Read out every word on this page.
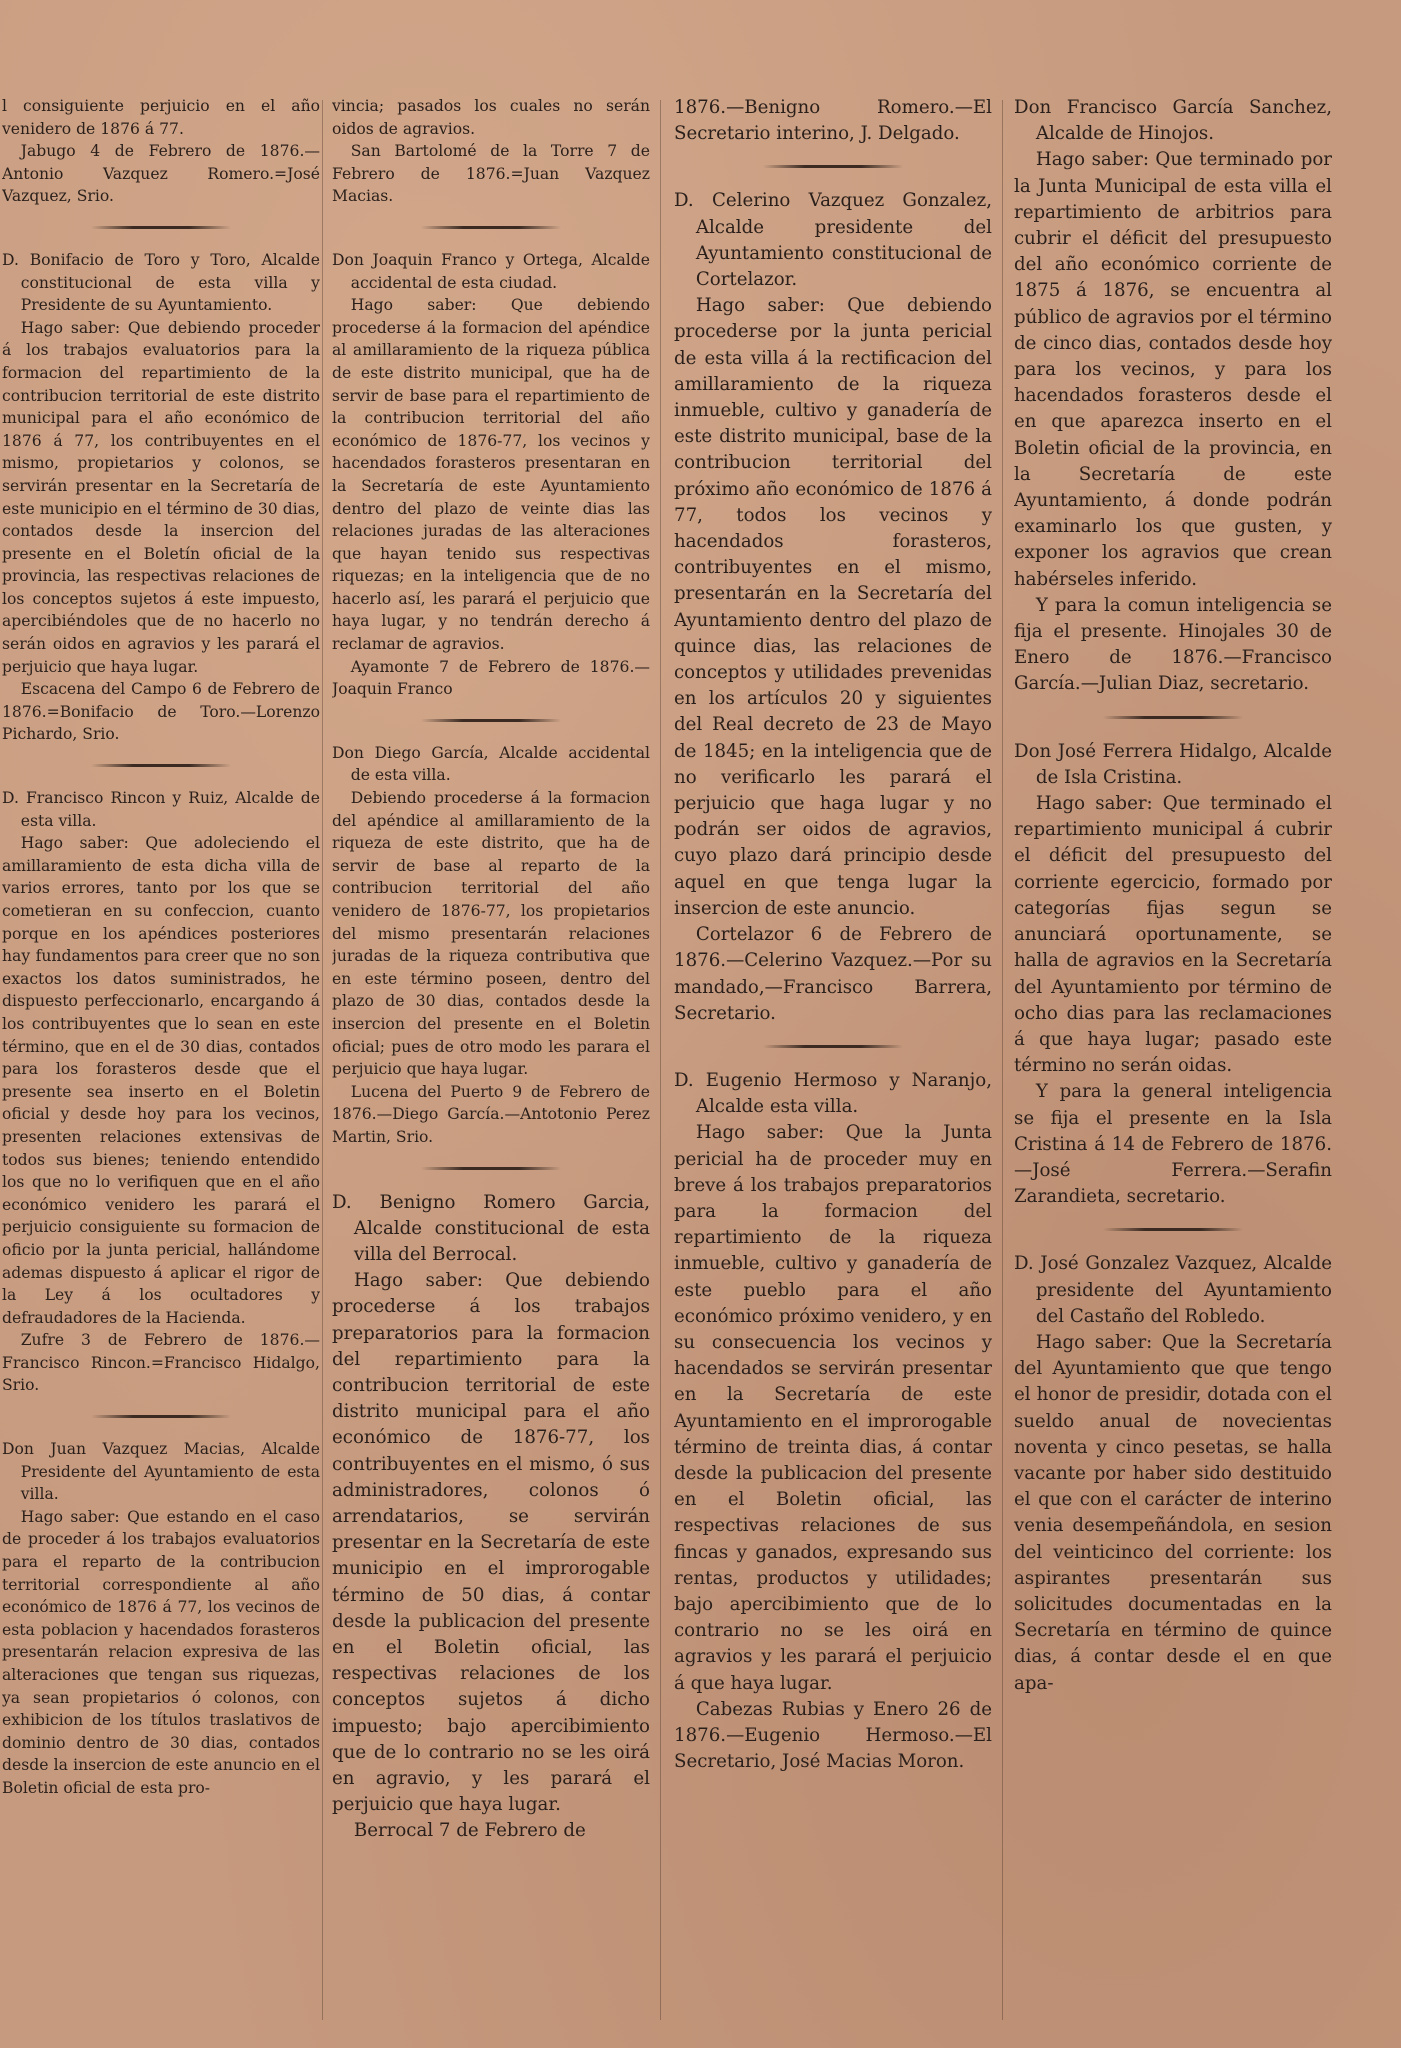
l consiguiente perjuicio en el año venidero de 1876 á 77.

Jabugo 4 de Febrero de 1876.—Antonio Vazquez Romero.=José Vazquez, Srio.

D. Bonifacio de Toro y Toro, Alcalde constitucional de esta villa y Presidente de su Ayuntamiento.

Hago saber: Que debiendo proceder á los trabajos evaluatorios para la formacion del repartimiento de la contribucion territorial de este distrito municipal para el año económico de 1876 á 77, los contribuyentes en el mismo, propietarios y colonos, se servirán presentar en la Secretaría de este municipio en el término de 30 dias, contados desde la insercion del presente en el Boletín oficial de la provincia, las respectivas relaciones de los conceptos sujetos á este impuesto, apercibiéndoles que de no hacerlo no serán oidos en agravios y les parará el perjuicio que haya lugar.

Escacena del Campo 6 de Febrero de 1876.=Bonifacio de Toro.—Lorenzo Pichardo, Srio.

D. Francisco Rincon y Ruiz, Alcalde de esta villa.

Hago saber: Que adoleciendo el amillaramiento de esta dicha villa de varios errores, tanto por los que se cometieran en su confeccion, cuanto porque en los apéndices posteriores hay fundamentos para creer que no son exactos los datos suministrados, he dispuesto perfeccionarlo, encargando á los contribuyentes que lo sean en este término, que en el de 30 dias, contados para los forasteros desde que el presente sea inserto en el Boletin oficial y desde hoy para los vecinos, presenten relaciones extensivas de todos sus bienes; teniendo entendido los que no lo verifiquen que en el año económico venidero les parará el perjuicio consiguiente su formacion de oficio por la junta pericial, hallándome ademas dispuesto á aplicar el rigor de la Ley á los ocultadores y defraudadores de la Hacienda.

Zufre 3 de Febrero de 1876.—Francisco Rincon.=Francisco Hidalgo, Srio.

Don Juan Vazquez Macias, Alcalde Presidente del Ayuntamiento de esta villa.

Hago saber: Que estando en el caso de proceder á los trabajos evaluatorios para el reparto de la contribucion territorial correspondiente al año económico de 1876 á 77, los vecinos de esta poblacion y hacendados forasteros presentarán relacion expresiva de las alteraciones que tengan sus riquezas, ya sean propietarios ó colonos, con exhibicion de los títulos traslativos de dominio dentro de 30 dias, contados desde la insercion de este anuncio en el Boletin oficial de esta pro-

vincia; pasados los cuales no serán oidos de agravios.

San Bartolomé de la Torre 7 de Febrero de 1876.=Juan Vazquez Macias.

Don Joaquin Franco y Ortega, Alcalde accidental de esta ciudad.

Hago saber: Que debiendo procederse á la formacion del apéndice al amillaramiento de la riqueza pública de este distrito municipal, que ha de servir de base para el repartimiento de la contribucion territorial del año económico de 1876-77, los vecinos y hacendados forasteros presentaran en la Secretaría de este Ayuntamiento dentro del plazo de veinte dias las relaciones juradas de las alteraciones que hayan tenido sus respectivas riquezas; en la inteligencia que de no hacerlo así, les parará el perjuicio que haya lugar, y no tendrán derecho á reclamar de agravios.

Ayamonte 7 de Febrero de 1876.—Joaquin Franco

Don Diego García, Alcalde accidental de esta villa.

Debiendo procederse á la formacion del apéndice al amillaramiento de la riqueza de este distrito, que ha de servir de base al reparto de la contribucion territorial del año venidero de 1876-77, los propietarios del mismo presentarán relaciones juradas de la riqueza contributiva que en este término poseen, dentro del plazo de 30 dias, contados desde la insercion del presente en el Boletin oficial; pues de otro modo les parara el perjuicio que haya lugar.

Lucena del Puerto 9 de Febrero de 1876.—Diego García.—Antotonio Perez Martin, Srio.

D. Benigno Romero Garcia, Alcalde constitucional de esta villa del Berrocal.

Hago saber: Que debiendo procederse á los trabajos preparatorios para la formacion del repartimiento para la contribucion territorial de este distrito municipal para el año económico de 1876-77, los contribuyentes en el mismo, ó sus administradores, colonos ó arrendatarios, se servirán presentar en la Secretaría de este municipio en el improrogable término de 50 dias, á contar desde la publicacion del presente en el Boletin oficial, las respectivas relaciones de los conceptos sujetos á dicho impuesto; bajo apercibimiento que de lo contrario no se les oirá en agravio, y les parará el perjuicio que haya lugar.

Berrocal 7 de Febrero de

1876.—Benigno Romero.—El Secretario interino, J. Delgado.

D. Celerino Vazquez Gonzalez, Alcalde presidente del Ayuntamiento constitucional de Cortelazor.

Hago saber: Que debiendo procederse por la junta pericial de esta villa á la rectificacion del amillaramiento de la riqueza inmueble, cultivo y ganadería de este distrito municipal, base de la contribucion territorial del próximo año económico de 1876 á 77, todos los vecinos y hacendados forasteros, contribuyentes en el mismo, presentarán en la Secretaría del Ayuntamiento dentro del plazo de quince dias, las relaciones de conceptos y utilidades prevenidas en los artículos 20 y siguientes del Real decreto de 23 de Mayo de 1845; en la inteligencia que de no verificarlo les parará el perjuicio que haga lugar y no podrán ser oidos de agravios, cuyo plazo dará principio desde aquel en que tenga lugar la insercion de este anuncio.

Cortelazor 6 de Febrero de 1876.—Celerino Vazquez.—Por su mandado,—Francisco Barrera, Secretario.

D. Eugenio Hermoso y Naranjo, Alcalde esta villa.

Hago saber: Que la Junta pericial ha de proceder muy en breve á los trabajos preparatorios para la formacion del repartimiento de la riqueza inmueble, cultivo y ganadería de este pueblo para el año económico próximo venidero, y en su consecuencia los vecinos y hacendados se servirán presentar en la Secretaría de este Ayuntamiento en el improrogable término de treinta dias, á contar desde la publicacion del presente en el Boletin oficial, las respectivas relaciones de sus fincas y ganados, expresando sus rentas, productos y utilidades; bajo apercibimiento que de lo contrario no se les oirá en agravios y les parará el perjuicio á que haya lugar.

Cabezas Rubias y Enero 26 de 1876.—Eugenio Hermoso.—El Secretario, José Macias Moron.

Don Francisco García Sanchez, Alcalde de Hinojos.

Hago saber: Que terminado por la Junta Municipal de esta villa el repartimiento de arbitrios para cubrir el déficit del presupuesto del año económico corriente de 1875 á 1876, se encuentra al público de agravios por el término de cinco dias, contados desde hoy para los vecinos, y para los hacendados forasteros desde el en que aparezca inserto en el Boletin oficial de la provincia, en la Secretaría de este Ayuntamiento, á donde podrán examinarlo los que gusten, y exponer los agravios que crean habérseles inferido.

Y para la comun inteligencia se fija el presente. Hinojales 30 de Enero de 1876.—Francisco García.—Julian Diaz, secretario.

Don José Ferrera Hidalgo, Alcalde de Isla Cristina.

Hago saber: Que terminado el repartimiento municipal á cubrir el déficit del presupuesto del corriente egercicio, formado por categorías fijas segun se anunciará oportunamente, se halla de agravios en la Secretaría del Ayuntamiento por término de ocho dias para las reclamaciones á que haya lugar; pasado este término no serán oidas.

Y para la general inteligencia se fija el presente en la Isla Cristina á 14 de Febrero de 1876.—José Ferrera.—Serafin Zarandieta, secretario.

D. José Gonzalez Vazquez, Alcalde presidente del Ayuntamiento del Castaño del Robledo.

Hago saber: Que la Secretaría del Ayuntamiento que que tengo el honor de presidir, dotada con el sueldo anual de novecientas noventa y cinco pesetas, se halla vacante por haber sido destituido el que con el carácter de interino venia desempeñándola, en sesion del veinticinco del corriente: los aspirantes presentarán sus solicitudes documentadas en la Secretaría en término de quince dias, á contar desde el en que apa-
